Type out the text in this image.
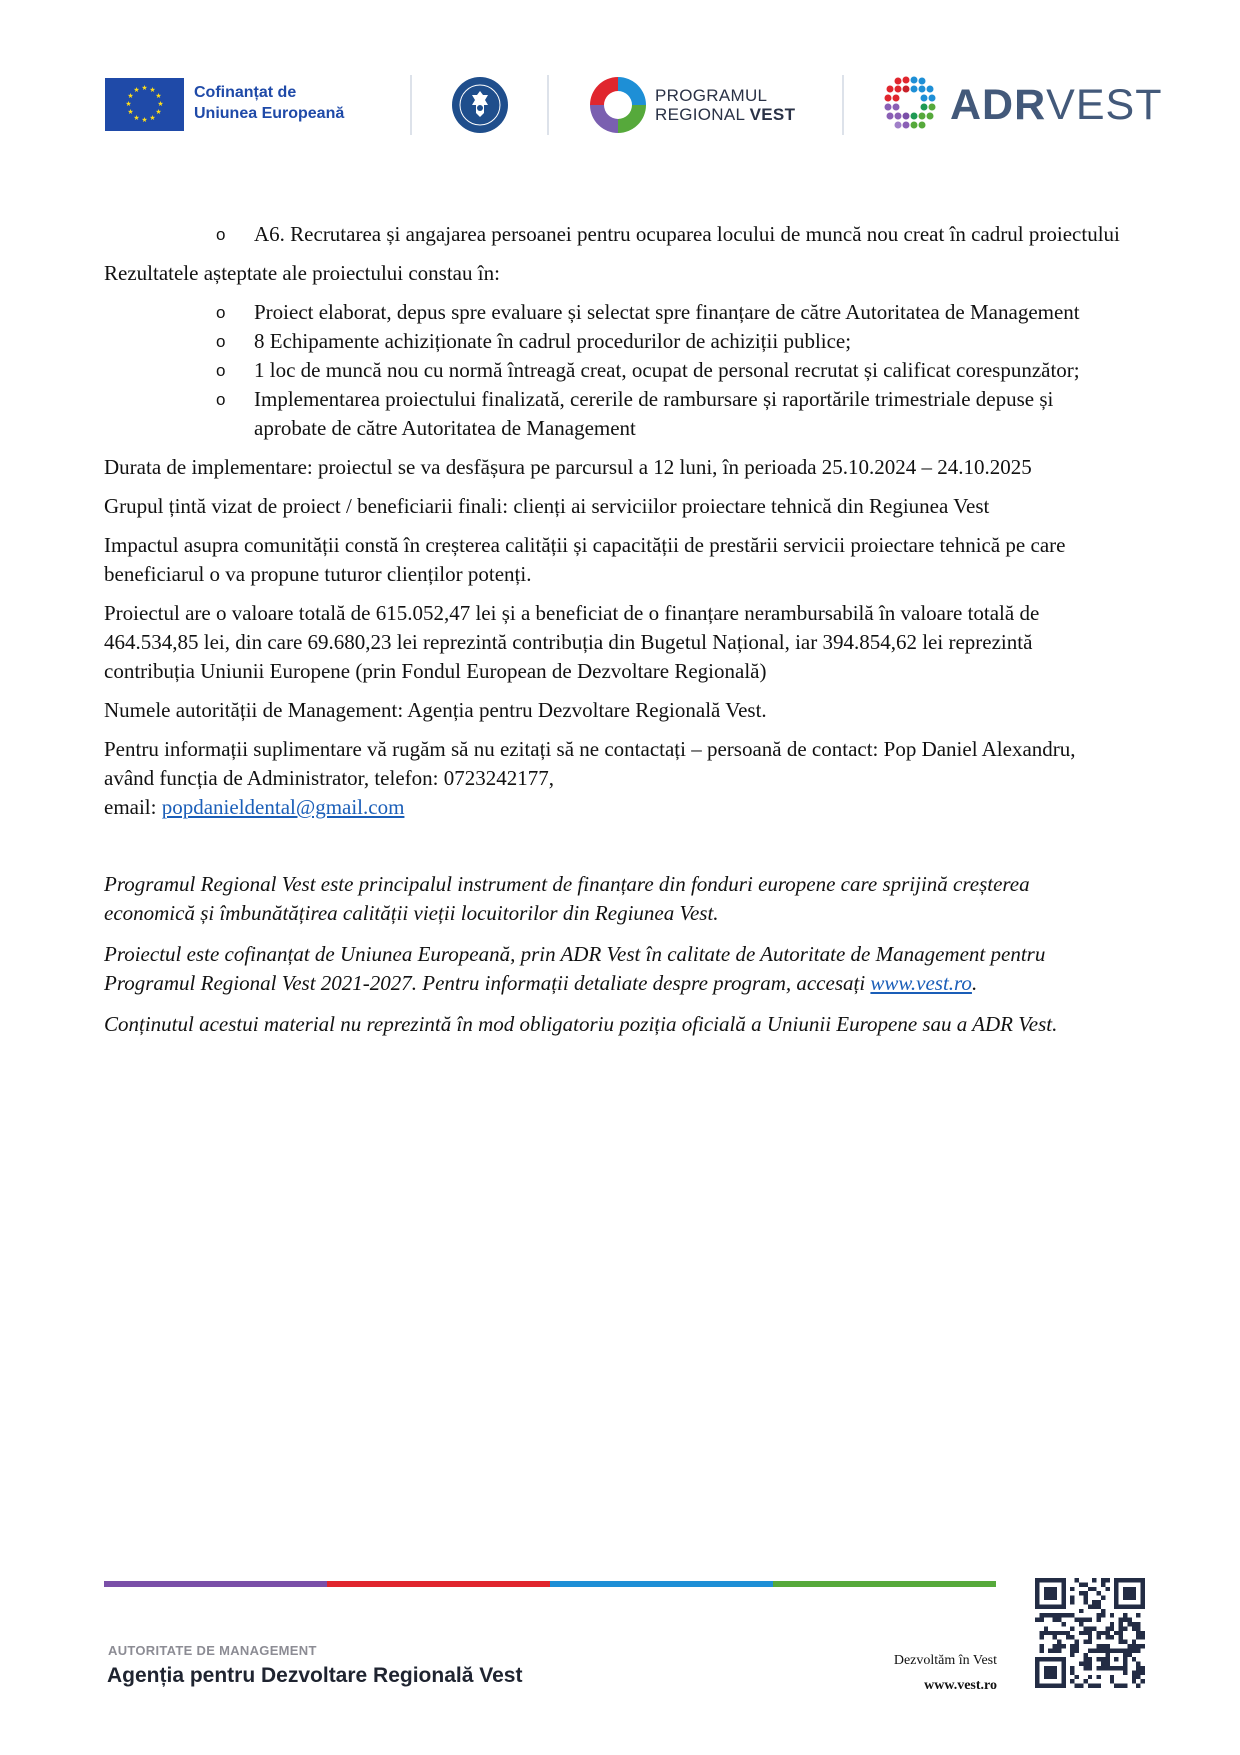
★ ★
★
★
★
★
★
★
★
★
★
★	Cofinanțat de
Uniunea Europeană
PROGRAMUL
REGIONAL VEST	ADRVEST
o A6. Recrutarea și angajarea persoanei pentru ocuparea locului de muncă nou creat în cadrul proiectului

Rezultatele așteptate ale proiectului constau în:

o Proiect elaborat, depus spre evaluare și selectat spre finanțare de către Autoritatea de Management
o 8 Echipamente achiziționate în cadrul procedurilor de achiziții publice;
o 1 loc de muncă nou cu normă întreagă creat, ocupat de personal recrutat și calificat corespunzător;
o Implementarea proiectului finalizată, cererile de rambursare și raportările trimestriale depuse și aprobate de către Autoritatea de Management

Durata de implementare: proiectul se va desfășura pe parcursul a 12 luni, în perioada 25.10.2024 – 24.10.2025

Grupul țintă vizat de proiect / beneficiarii finali: clienți ai serviciilor proiectare tehnică din Regiunea Vest

Impactul asupra comunității constă în creșterea calității și capacității de prestării servicii proiectare tehnică pe care beneficiarul o va propune tuturor clienților potenți.

Proiectul are o valoare totală de 615.052,47 lei și a beneficiat de o finanțare nerambursabilă în valoare totală de 464.534,85 lei, din care 69.680,23 lei reprezintă contribuția din Bugetul Național, iar 394.854,62 lei reprezintă contribuția Uniunii Europene (prin Fondul European de Dezvoltare Regională)

Numele autorității de Management: Agenția pentru Dezvoltare Regională Vest.

Pentru informații suplimentare vă rugăm să nu ezitați să ne contactați – persoană de contact: Pop Daniel Alexandru, având funcția de Administrator, telefon: 0723242177,
email: popdanieldental@gmail.com

Programul Regional Vest este principalul instrument de finanțare din fonduri europene care sprijină creșterea economică și îmbunătățirea calității vieții locuitorilor din Regiunea Vest.

Proiectul este cofinanțat de Uniunea Europeană, prin ADR Vest în calitate de Autoritate de Management pentru Programul Regional Vest 2021-2027. Pentru informații detaliate despre program, accesați www.vest.ro.

Conținutul acestui material nu reprezintă în mod obligatoriu poziția oficială a Uniunii Europene sau a ADR Vest.

AUTORITATE DE MANAGEMENT
Agenția pentru Dezvoltare Regională Vest
Dezvoltăm în Vest
www.vest.ro
